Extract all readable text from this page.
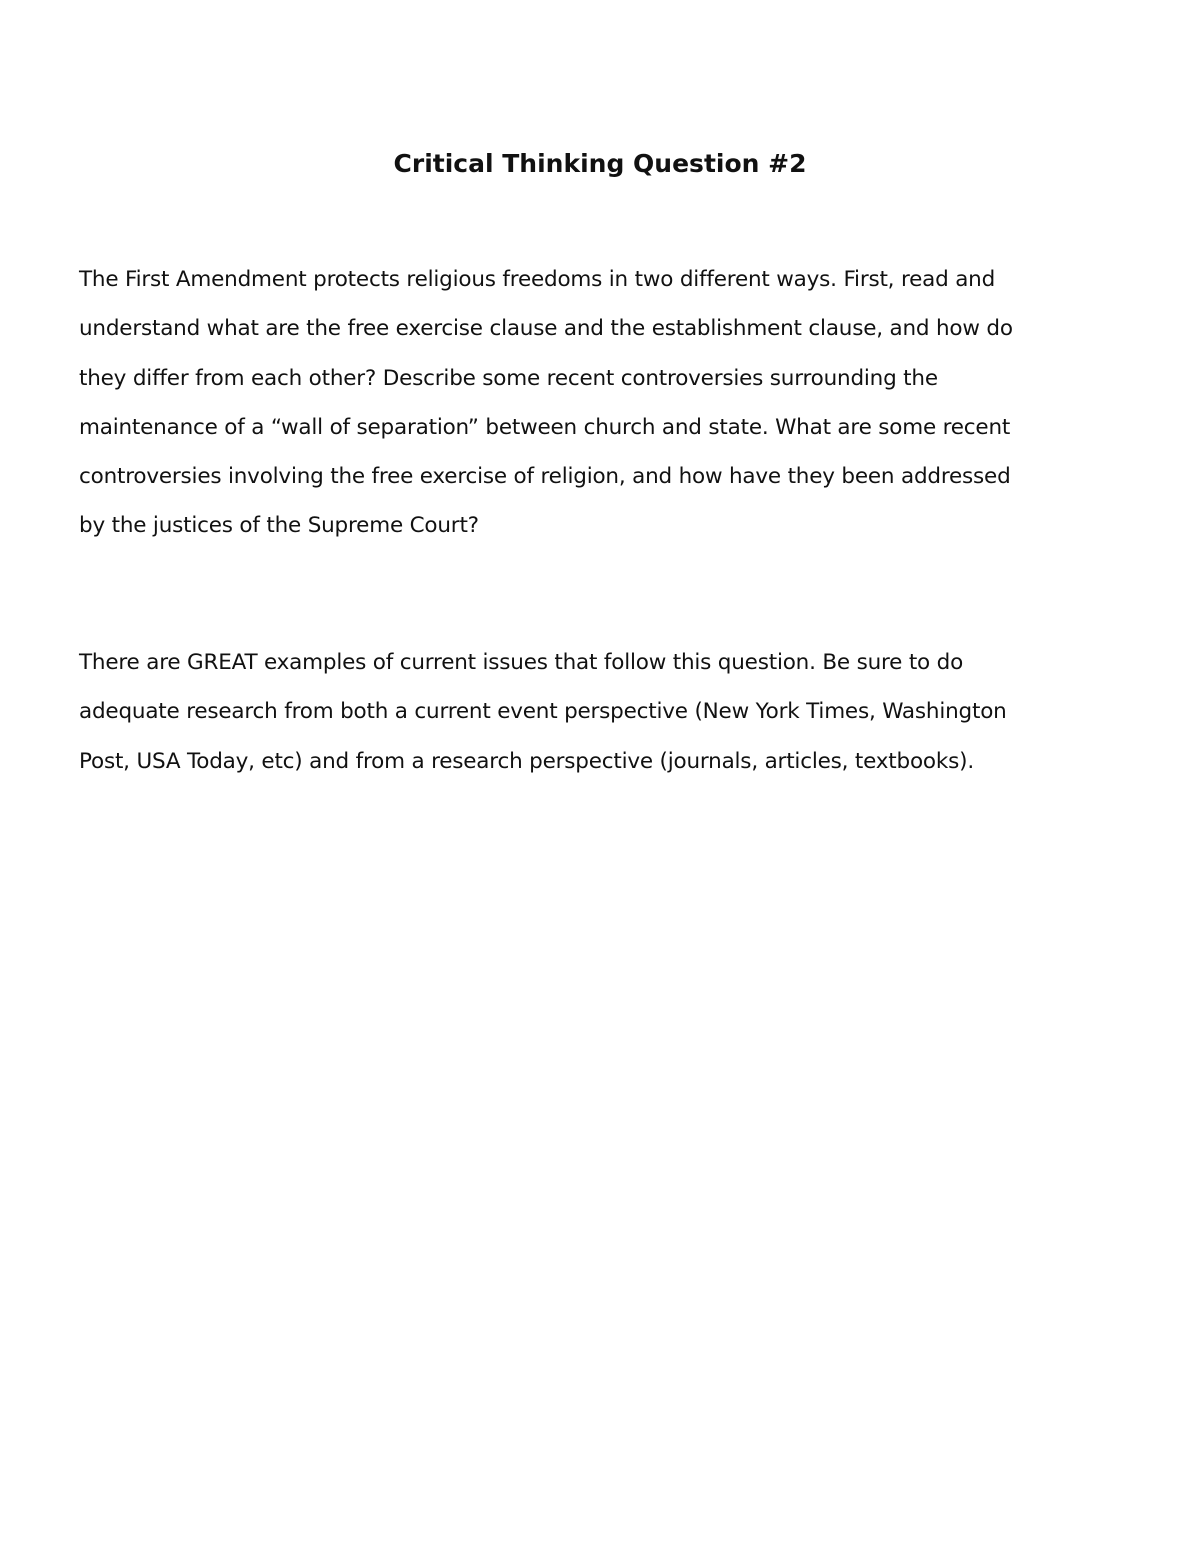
Critical Thinking Question #2

The First Amendment protects religious freedoms in two different ways. First, read and
understand what are the free exercise clause and the establishment clause, and how do
they differ from each other? Describe some recent controversies surrounding the
maintenance of a “wall of separation” between church and state. What are some recent
controversies involving the free exercise of religion, and how have they been addressed
by the justices of the Supreme Court?

There are GREAT examples of current issues that follow this question. Be sure to do
adequate research from both a current event perspective (New York Times, Washington
Post, USA Today, etc) and from a research perspective (journals, articles, textbooks).
